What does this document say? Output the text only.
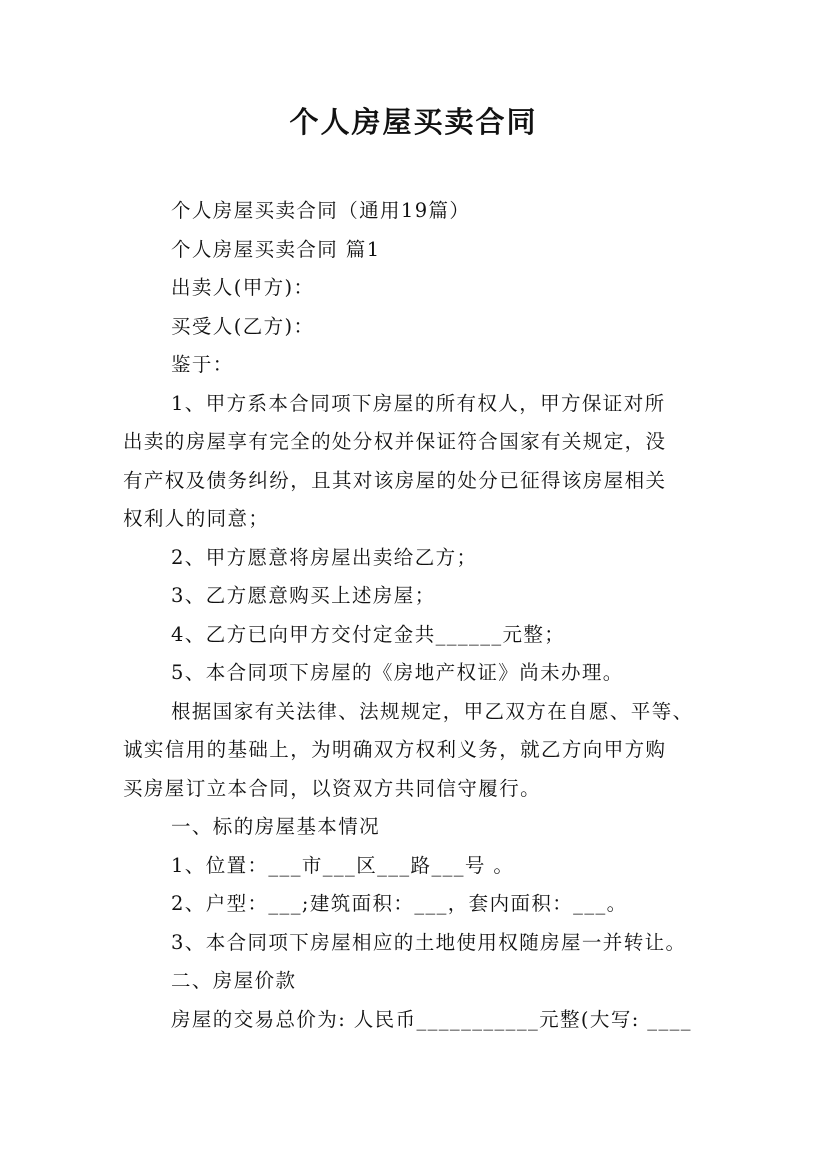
个人房屋买卖合同

个人房屋买卖合同（通用19篇）

个人房屋买卖合同 篇1

出卖人(甲方)：

买受人(乙方)：

鉴于：

1、甲方系本合同项下房屋的所有权人，甲方保证对所

出卖的房屋享有完全的处分权并保证符合国家有关规定，没

有产权及债务纠纷，且其对该房屋的处分已征得该房屋相关

权利人的同意；

2、甲方愿意将房屋出卖给乙方；

3、乙方愿意购买上述房屋；

4、乙方已向甲方交付定金共______元整；

5、本合同项下房屋的《房地产权证》尚未办理。

根据国家有关法律、法规规定，甲乙双方在自愿、平等、

诚实信用的基础上，为明确双方权利义务，就乙方向甲方购

买房屋订立本合同，以资双方共同信守履行。

一、标的房屋基本情况

1、位置：___市___区___路___号 。

2、户型：___;建筑面积：___，套内面积：___。

3、本合同项下房屋相应的土地使用权随房屋一并转让。

二、房屋价款

房屋的交易总价为: 人民币___________元整(大写: ____
